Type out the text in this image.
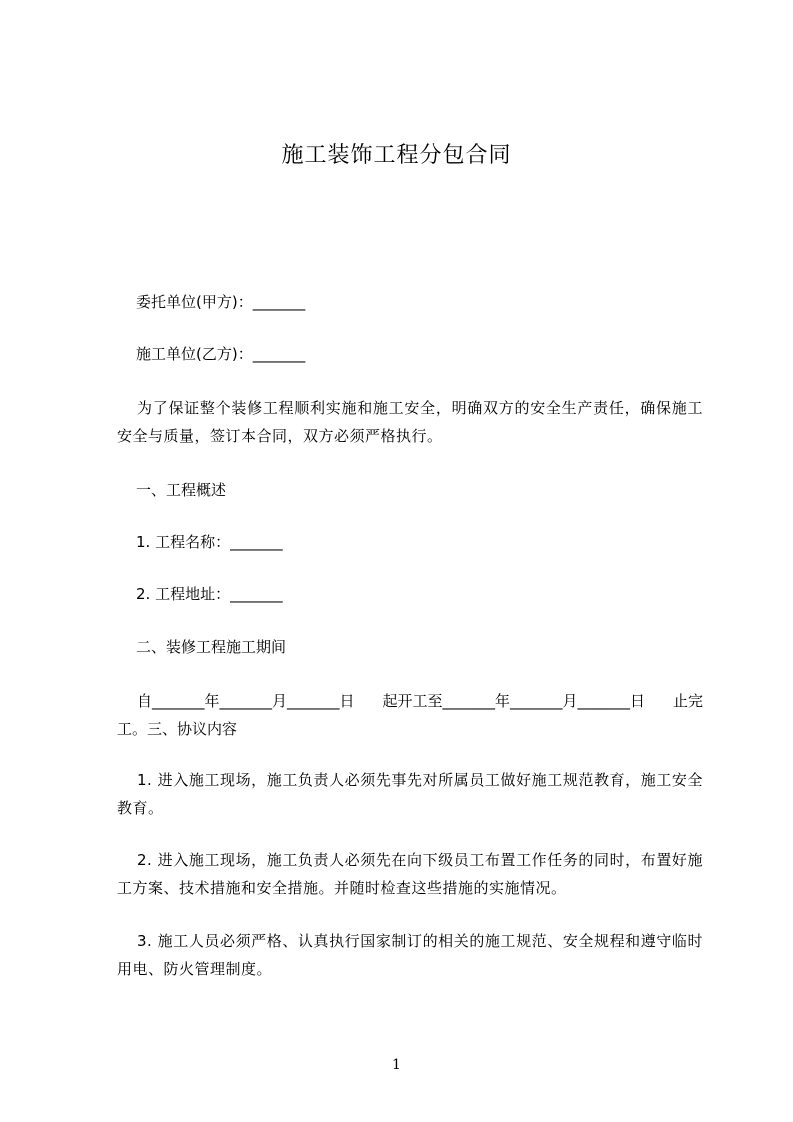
施工装饰工程分包合同
委托单位(甲方)：_______
施工单位(乙方)：_______
为了保证整个装修工程顺利实施和施工安全，明确双方的安全生产责任，确保施工安全与质量，签订本合同，双方必须严格执行。
一、工程概述
1. 工程名称：_______
2. 工程地址：_______
二、装修工程施工期间
自_______年_______月_______日 起开工至_______年_______月_______日 止完
工。三、协议内容
1. 进入施工现场，施工负责人必须先事先对所属员工做好施工规范教育，施工安全教育。
2. 进入施工现场，施工负责人必须先在向下级员工布置工作任务的同时，布置好施工方案、技术措施和安全措施。并随时检查这些措施的实施情况。
3. 施工人员必须严格、认真执行国家制订的相关的施工规范、安全规程和遵守临时用电、防火管理制度。
1
